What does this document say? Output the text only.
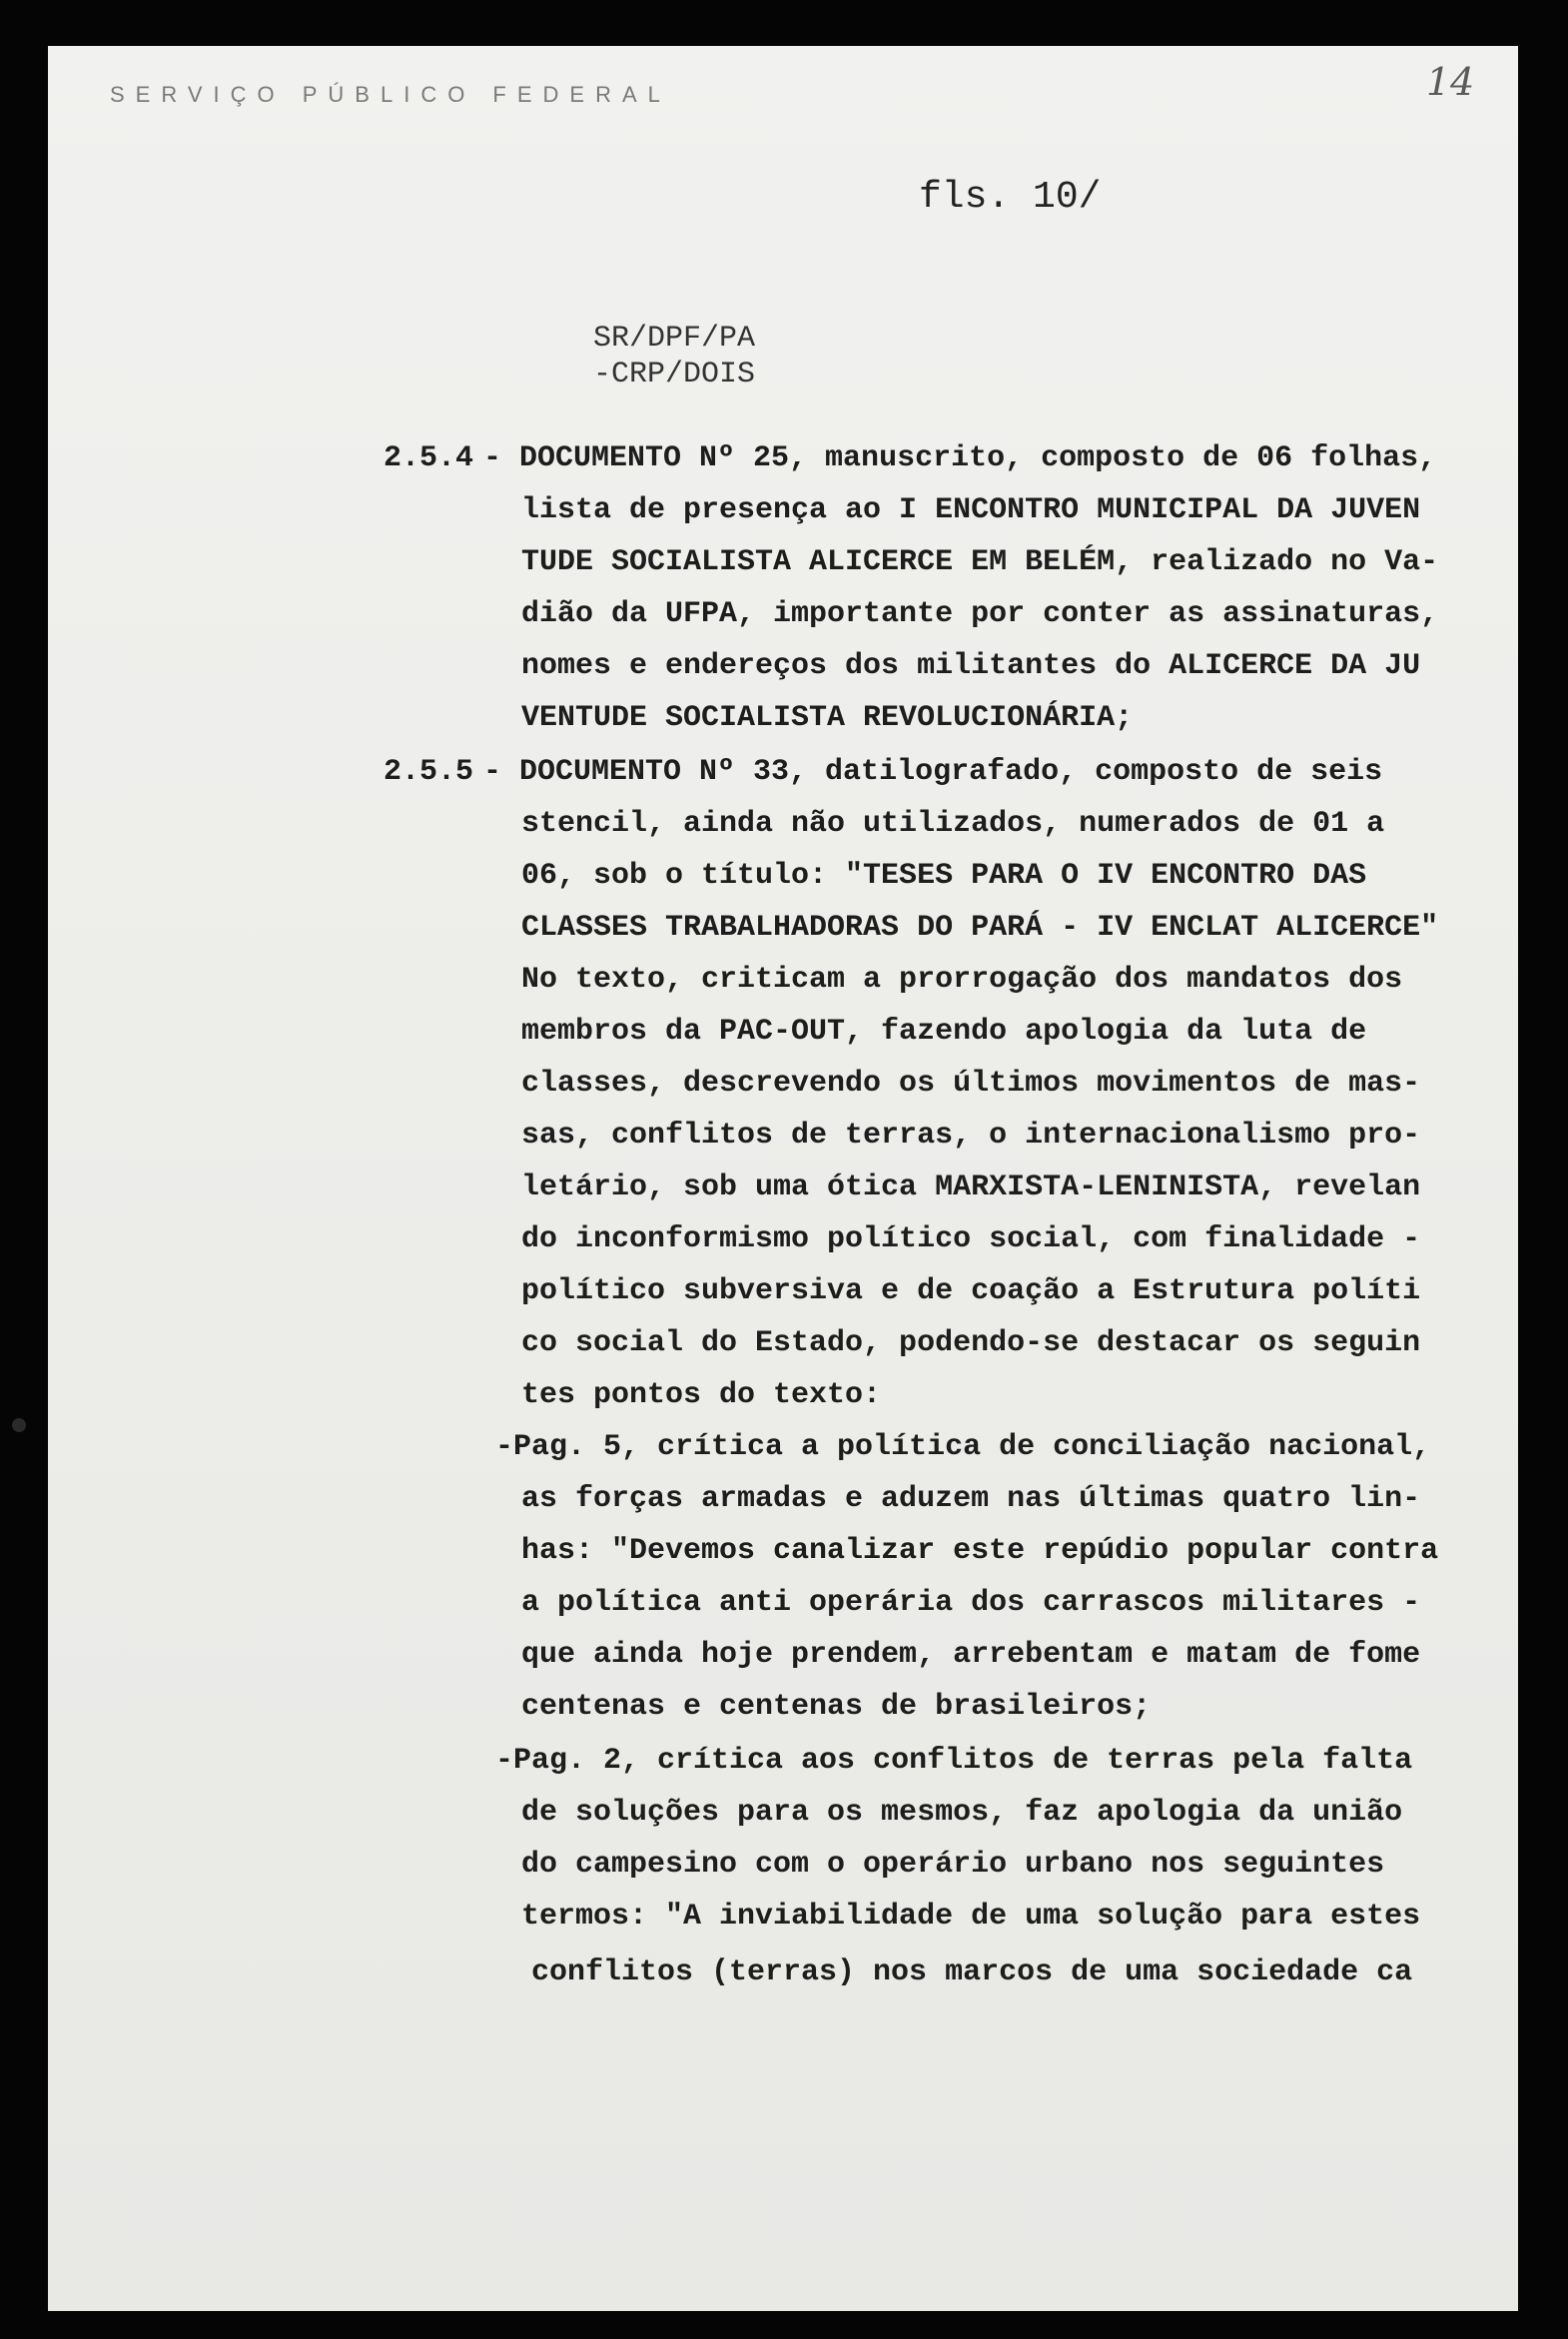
SERVIÇO PÚBLICO FEDERAL	14
fls. 10/
SR/DPF/PA
-CRP/DOIS
2.5.4 - DOCUMENTO Nº 25, manuscrito, composto de 06 folhas,
lista de presença ao I ENCONTRO MUNICIPAL DA JUVEN
TUDE SOCIALISTA ALICERCE EM BELÉM, realizado no Va-
dião da UFPA, importante por conter as assinaturas,
nomes e endereços dos militantes do ALICERCE DA JU
VENTUDE SOCIALISTA REVOLUCIONÁRIA;
2.5.5 - DOCUMENTO Nº 33, datilografado, composto de seis
stencil, ainda não utilizados, numerados de 01 a
06, sob o título: "TESES PARA O IV ENCONTRO DAS
CLASSES TRABALHADORAS DO PARÁ - IV ENCLAT ALICERCE"
No texto, criticam a prorrogação dos mandatos dos
membros da PAC-OUT, fazendo apologia da luta de
classes, descrevendo os últimos movimentos de mas-
sas, conflitos de terras, o internacionalismo pro-
letário, sob uma ótica MARXISTA-LENINISTA, revelan
do inconformismo político social, com finalidade -
político subversiva e de coação a Estrutura políti
co social do Estado, podendo-se destacar os seguin
tes pontos do texto:
-Pag. 5, crítica a política de conciliação nacional,
as forças armadas e aduzem nas últimas quatro lin-
has: "Devemos canalizar este repúdio popular contra
a política anti operária dos carrascos militares -
que ainda hoje prendem, arrebentam e matam de fome
centenas e centenas de brasileiros;
-Pag. 2, crítica aos conflitos de terras pela falta
de soluções para os mesmos, faz apologia da união
do campesino com o operário urbano nos seguintes
termos: "A inviabilidade de uma solução para estes
conflitos (terras) nos marcos de uma sociedade ca
